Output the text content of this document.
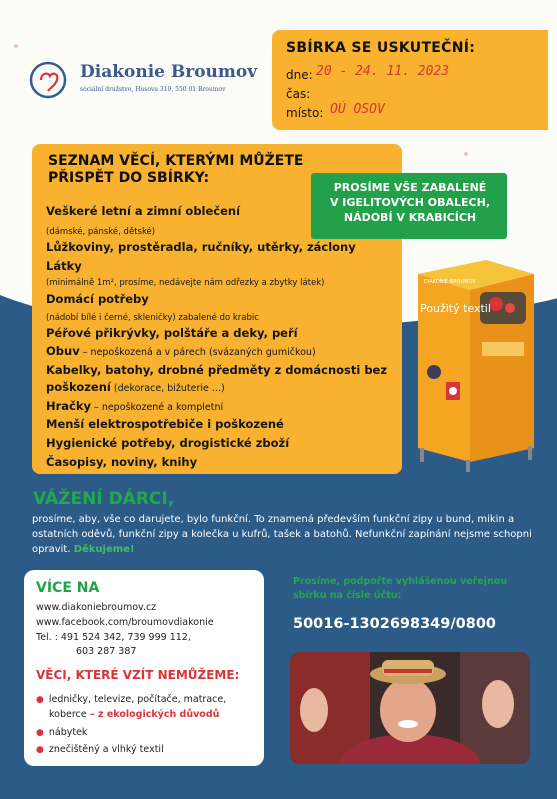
Diakonie Broumov
sociální družstvo, Husova 319, 550 01 Broumov
SBÍRKA SE USKUTEČNÍ:
dne: 20 - 24. 11. 2023
čas:
místo: OÚ OSOV
SEZNAM VĚCÍ, KTERÝMI MŮŽETE
PŘISPĚT DO SBÍRKY:
Veškeré letní a zimní oblečení
(dámské, pánské, dětské)
Lůžkoviny, prostěradla, ručníky, utěrky, záclony
Látky
(minimálně 1m², prosíme, nedávejte nám odřezky a zbytky látek)
Domácí potřeby
(nádobí bílé i černé, skleničky) zabalené do krabic
Péřové přikrývky, polštáře a deky, peří
Obuv – nepoškozená a v párech (svázaných gumičkou)
Kabelky, batohy, drobné předměty z domácnosti bez
poškození (dekorace, bižuterie ...)
Hračky – nepoškozené a kompletní
Menší elektrospotřebiče i poškozené
Hygienické potřeby, drogistické zboží
Časopisy, noviny, knihy
PROSÍME VŠE ZABALENÉ
V IGELITOVÝCH OBALECH,
NÁDOBÍ V KRABICÍCH
DIAKONIE BROUMOV
Použitý textil
VÁŽENÍ DÁRCI,
prosíme, aby, vše co darujete, bylo funkční. To znamená především funkční zipy u bund, mikin a ostatních oděvů, funkční zipy a kolečka u kufrů, tašek a batohů. Nefunkční zapínání nejsme schopni opravit. Děkujeme!
VÍCE NA
www.diakoniebroumov.cz
www.facebook.com/broumovdiakonie
Tel. : 491 524 342, 739 999 112,
603 287 387
VĚCI, KTERÉ VZÍT NEMŮŽEME:
● ledničky, televize, počítače, matrace,
koberce – z ekologických důvodů
● nábytek
● znečištěný a vlhký textil
Prosíme, podpořte vyhlášenou veřejnou sbírku na čísle účtu:
50016-1302698349/0800
